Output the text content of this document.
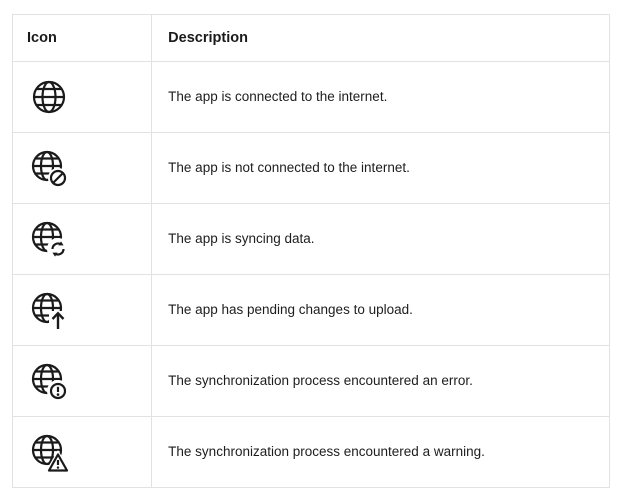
Icon	Description

	The app is connected to the internet.

	The app is not connected to the internet.

	The app is syncing data.

	The app has pending changes to upload.

	The synchronization process encountered an error.

	The synchronization process encountered a warning.
